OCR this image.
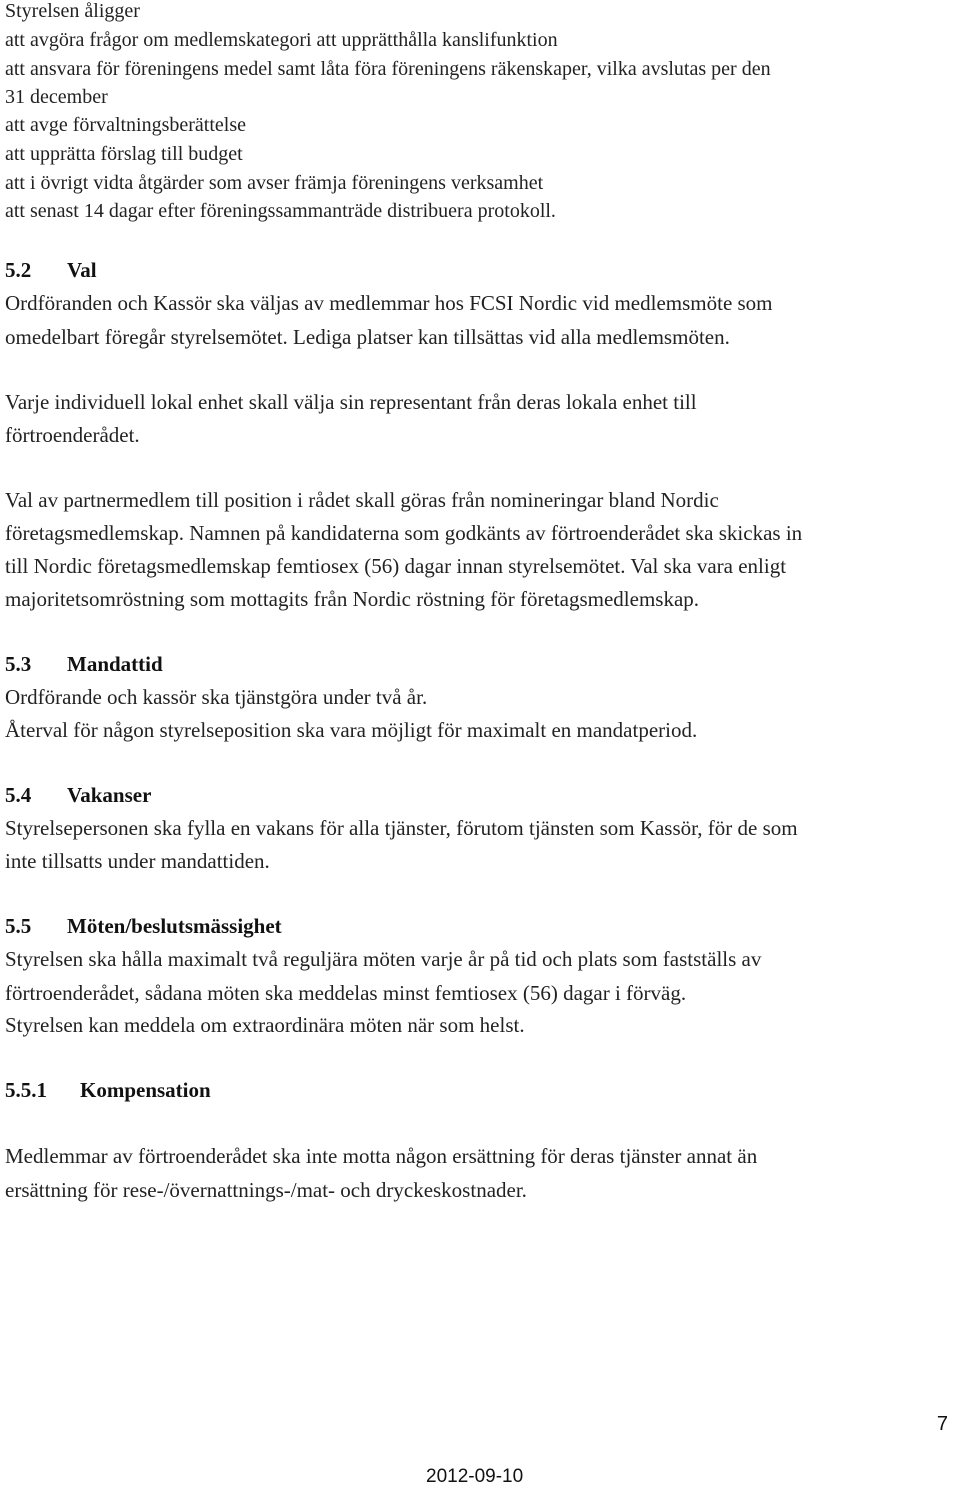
Styrelsen åligger
att avgöra frågor om medlemskategori att upprätthålla kanslifunktion
att ansvara för föreningens medel samt låta föra föreningens räkenskaper, vilka avslutas per den
31 december
att avge förvaltningsberättelse
att upprätta förslag till budget
att i övrigt vidta åtgärder som avser främja föreningens verksamhet
att senast 14 dagar efter föreningssammanträde distribuera protokoll.
5.2 Val
Ordföranden och Kassör ska väljas av medlemmar hos FCSI Nordic vid medlemsmöte som
omedelbart föregår styrelsemötet. Lediga platser kan tillsättas vid alla medlemsmöten.
Varje individuell lokal enhet skall välja sin representant från deras lokala enhet till
förtroenderådet.
Val av partnermedlem till position i rådet skall göras från nomineringar bland Nordic
företagsmedlemskap. Namnen på kandidaterna som godkänts av förtroenderådet ska skickas in
till Nordic företagsmedlemskap femtiosex (56) dagar innan styrelsemötet. Val ska vara enligt
majoritetsomröstning som mottagits från Nordic röstning för företagsmedlemskap.
5.3 Mandattid
Ordförande och kassör ska tjänstgöra under två år.
Återval för någon styrelseposition ska vara möjligt för maximalt en mandatperiod.
5.4 Vakanser
Styrelsepersonen ska fylla en vakans för alla tjänster, förutom tjänsten som Kassör, för de som
inte tillsatts under mandattiden.
5.5 Möten/beslutsmässighet
Styrelsen ska hålla maximalt två reguljära möten varje år på tid och plats som fastställs av
förtroenderådet, sådana möten ska meddelas minst femtiosex (56) dagar i förväg.
Styrelsen kan meddela om extraordinära möten när som helst.
5.5.1 Kompensation
Medlemmar av förtroenderådet ska inte motta någon ersättning för deras tjänster annat än
ersättning för rese-/övernattnings-/mat- och dryckeskostnader.
7
2012-09-10
